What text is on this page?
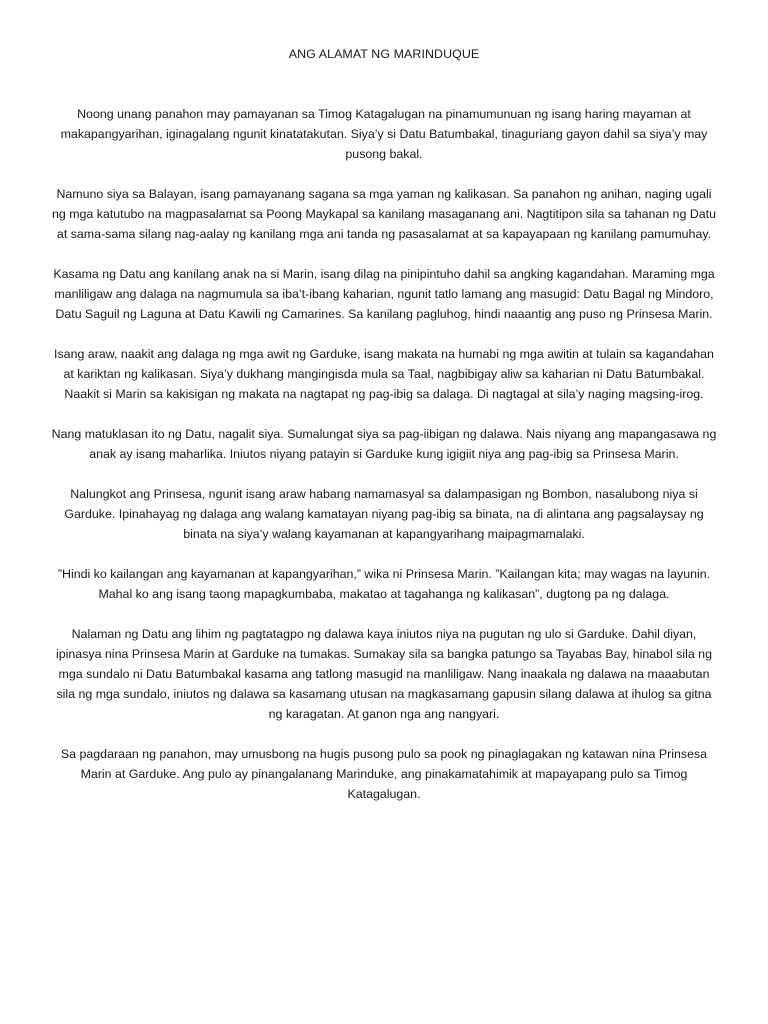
ANG ALAMAT NG MARINDUQUE

Noong unang panahon may pamayanan sa Timog Katagalugan na pinamumunuan ng isang haring mayaman at makapangyarihan, iginagalang ngunit kinatatakutan. Siya’y si Datu Batumbakal, tinaguriang gayon dahil sa siya’y may pusong bakal.

Namuno siya sa Balayan, isang pamayanang sagana sa mga yaman ng kalikasan. Sa panahon ng anihan, naging ugali ng mga katutubo na magpasalamat sa Poong Maykapal sa kanilang masaganang ani. Nagtitipon sila sa tahanan ng Datu at sama-sama silang nag-aalay ng kanilang mga ani tanda ng pasasalamat at sa kapayapaan ng kanilang pamumuhay.

Kasama ng Datu ang kanilang anak na si Marin, isang dilag na pinipintuho dahil sa angking kagandahan. Maraming mga manliligaw ang dalaga na nagmumula sa iba’t-ibang kaharian, ngunit tatlo lamang ang masugid: Datu Bagal ng Mindoro, Datu Saguil ng Laguna at Datu Kawili ng Camarines. Sa kanilang pagluhog, hindi naaantig ang puso ng Prinsesa Marin.

Isang araw, naakit ang dalaga ng mga awit ng Garduke, isang makata na humabi ng mga awitin at tulain sa kagandahan at kariktan ng kalikasan. Siya’y dukhang mangingisda mula sa Taal, nagbibigay aliw sa kaharian ni Datu Batumbakal. Naakit si Marin sa kakisigan ng makata na nagtapat ng pag-ibig sa dalaga. Di nagtagal at sila’y naging magsing-irog.

Nang matuklasan ito ng Datu, nagalit siya. Sumalungat siya sa pag-iibigan ng dalawa. Nais niyang ang mapangasawa ng anak ay isang maharlika. Iniutos niyang patayin si Garduke kung igigiit niya ang pag-ibig sa Prinsesa Marin.

Nalungkot ang Prinsesa, ngunit isang araw habang namamasyal sa dalampasigan ng Bombon, nasalubong niya si Garduke. Ipinahayag ng dalaga ang walang kamatayan niyang pag-ibig sa binata, na di alintana ang pagsalaysay ng binata na siya’y walang kayamanan at kapangyarihang maipagmamalaki.

”Hindi ko kailangan ang kayamanan at kapangyarihan,” wika ni Prinsesa Marin. ”Kailangan kita; may wagas na layunin. Mahal ko ang isang taong mapagkumbaba, makatao at tagahanga ng kalikasan”, dugtong pa ng dalaga.

Nalaman ng Datu ang lihim ng pagtatagpo ng dalawa kaya iniutos niya na pugutan ng ulo si Garduke. Dahil diyan, ipinasya nina Prinsesa Marin at Garduke na tumakas. Sumakay sila sa bangka patungo sa Tayabas Bay, hinabol sila ng mga sundalo ni Datu Batumbakal kasama ang tatlong masugid na manliligaw. Nang inaakala ng dalawa na maaabutan sila ng mga sundalo, iniutos ng dalawa sa kasamang utusan na magkasamang gapusin silang dalawa at ihulog sa gitna ng karagatan. At ganon nga ang nangyari.

Sa pagdaraan ng panahon, may umusbong na hugis pusong pulo sa pook ng pinaglagakan ng katawan nina Prinsesa Marin at Garduke. Ang pulo ay pinangalanang Marinduke, ang pinakamatahimik at mapayapang pulo sa Timog Katagalugan.
